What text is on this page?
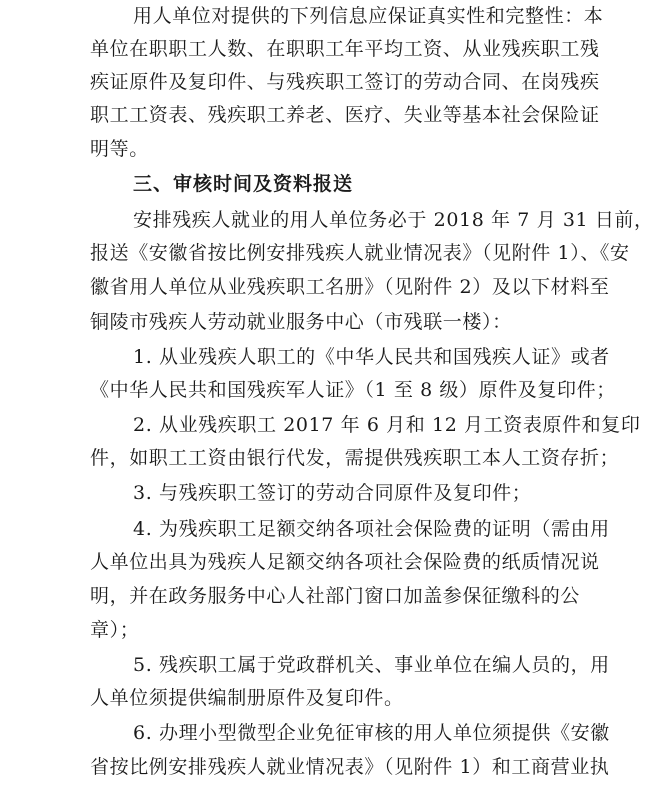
用人单位对提供的下列信息应保证真实性和完整性：本
单位在职职工人数、在职职工年平均工资、从业残疾职工残
疾证原件及复印件、与残疾职工签订的劳动合同、在岗残疾
职工工资表、残疾职工养老、医疗、失业等基本社会保险证
明等。
三、审核时间及资料报送
安排残疾人就业的用人单位务必于 2018 年 7 月 31 日前，
报送《安徽省按比例安排残疾人就业情况表》（见附件 1）、《安
徽省用人单位从业残疾职工名册》（见附件 2）及以下材料至
铜陵市残疾人劳动就业服务中心（市残联一楼）：
1. 从业残疾人职工的《中华人民共和国残疾人证》或者
《中华人民共和国残疾军人证》（1 至 8 级）原件及复印件；
2. 从业残疾职工 2017 年 6 月和 12 月工资表原件和复印
件，如职工工资由银行代发，需提供残疾职工本人工资存折；
3. 与残疾职工签订的劳动合同原件及复印件；
4. 为残疾职工足额交纳各项社会保险费的证明（需由用
人单位出具为残疾人足额交纳各项社会保险费的纸质情况说
明，并在政务服务中心人社部门窗口加盖参保征缴科的公
章）；
5. 残疾职工属于党政群机关、事业单位在编人员的，用
人单位须提供编制册原件及复印件。
6. 办理小型微型企业免征审核的用人单位须提供《安徽
省按比例安排残疾人就业情况表》（见附件 1）和工商营业执
